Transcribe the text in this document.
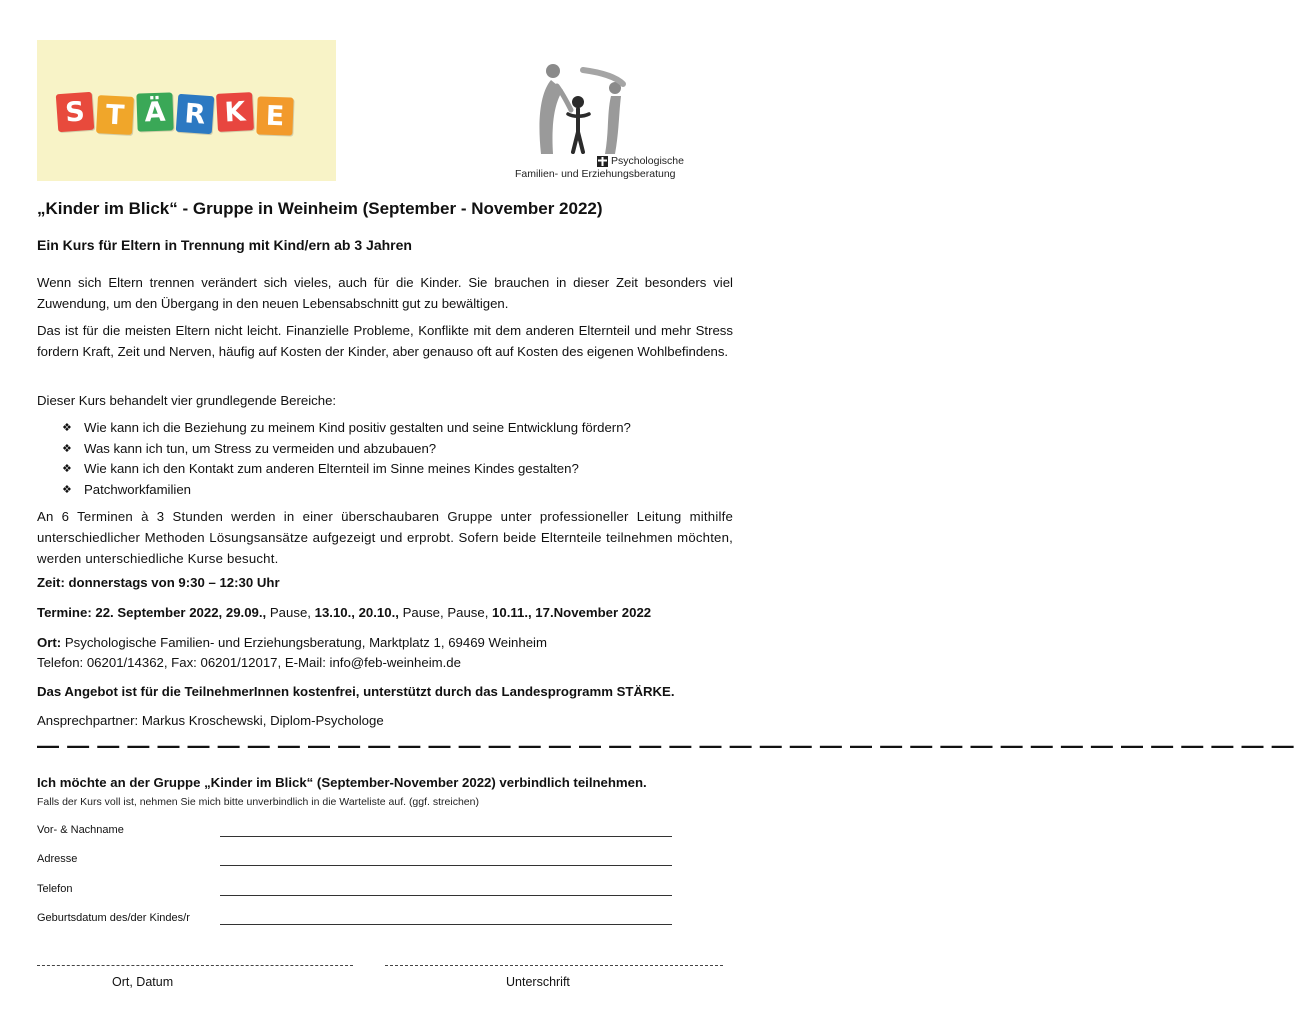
S T Ä R K E
Psychologische
Familien- und Erziehungsberatung
„Kinder im Blick“ - Gruppe in Weinheim (September - November 2022)
Ein Kurs für Eltern in Trennung mit Kind/ern ab 3 Jahren
Wenn sich Eltern trennen verändert sich vieles, auch für die Kinder. Sie brauchen in dieser Zeit besonders viel Zuwendung, um den Übergang in den neuen Lebensabschnitt gut zu bewältigen.
Das ist für die meisten Eltern nicht leicht. Finanzielle Probleme, Konflikte mit dem anderen Elternteil und mehr Stress fordern Kraft, Zeit und Nerven, häufig auf Kosten der Kinder, aber genauso oft auf Kosten des eigenen Wohlbefindens.
Dieser Kurs behandelt vier grundlegende Bereiche:
❖ Wie kann ich die Beziehung zu meinem Kind positiv gestalten und seine Entwicklung fördern?
❖ Was kann ich tun, um Stress zu vermeiden und abzubauen?
❖ Wie kann ich den Kontakt zum anderen Elternteil im Sinne meines Kindes gestalten?
❖ Patchworkfamilien
An 6 Terminen à 3 Stunden werden in einer überschaubaren Gruppe unter professioneller Leitung mithilfe unterschiedlicher Methoden Lösungsansätze aufgezeigt und erprobt. Sofern beide Elternteile teilnehmen möchten, werden unterschiedliche Kurse besucht.
Zeit: donnerstags von 9:30 – 12:30 Uhr
Termine: 22. September 2022, 29.09., Pause, 13.10., 20.10., Pause, Pause, 10.11., 17.November 2022
Ort: Psychologische Familien- und Erziehungsberatung, Marktplatz 1, 69469 Weinheim
Telefon: 06201/14362, Fax: 06201/12017, E-Mail: info@feb-weinheim.de
Das Angebot ist für die TeilnehmerInnen kostenfrei, unterstützt durch das Landesprogramm STÄRKE.
Ansprechpartner: Markus Kroschewski, Diplom-Psychologe
— — — — — — — — — — — — — — — — — — — — — — — — — — — — — — — — — — — — — — — — — —
Ich möchte an der Gruppe „Kinder im Blick“ (September-November 2022) verbindlich teilnehmen.
Falls der Kurs voll ist, nehmen Sie mich bitte unverbindlich in die Warteliste auf. (ggf. streichen)
Vor- & Nachname
Adresse
Telefon
Geburtsdatum des/der Kindes/r
Ort, Datum	Unterschrift
